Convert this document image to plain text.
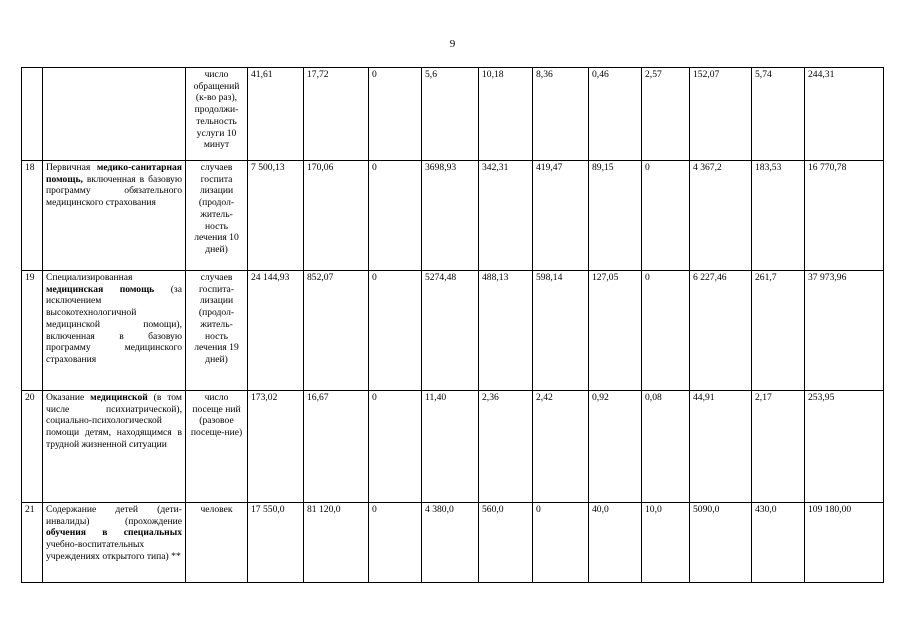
9
		число обращений (к-во раз), продолжи-тельность услуги 10 минут	41,61	17,72	0	5,6	10,18	8,36	0,46	2,57	152,07	5,74	244,31
18	Первичная медико-санитарная помощь, включенная в базовую программу обязательного медицинского страхования	случаев госпита лизации (продол-житель-ность лечения 10 дней)	7 500,13	170,06	0	3698,93	342,31	419,47	89,15	0	4 367,2	183,53	16 770,78
19	Специализированная медицинская помощь (за исключением высокотехнологичной медицинской помощи), включенная в базовую программу медицинского страхования	случаев госпита-лизации (продол-житель-ность лечения 19 дней)	24 144,93	852,07	0	5274,48	488,13	598,14	127,05	0	6 227,46	261,7	37 973,96
20	Оказание медицинской (в том числе психиатрической), социально-психологической помощи детям, находящимся в трудной жизненной ситуации	число посеще ний (разовое посеще-ние)	173,02	16,67	0	11,40	2,36	2,42	0,92	0,08	44,91	2,17	253,95
21	Содержание детей (дети-инвалиды) (прохождение обучения в специальных учебно-воспитательных учреждениях открытого типа) **	человек	17 550,0	81 120,0	0	4 380,0	560,0	0	40,0	10,0	5090,0	430,0	109 180,00
